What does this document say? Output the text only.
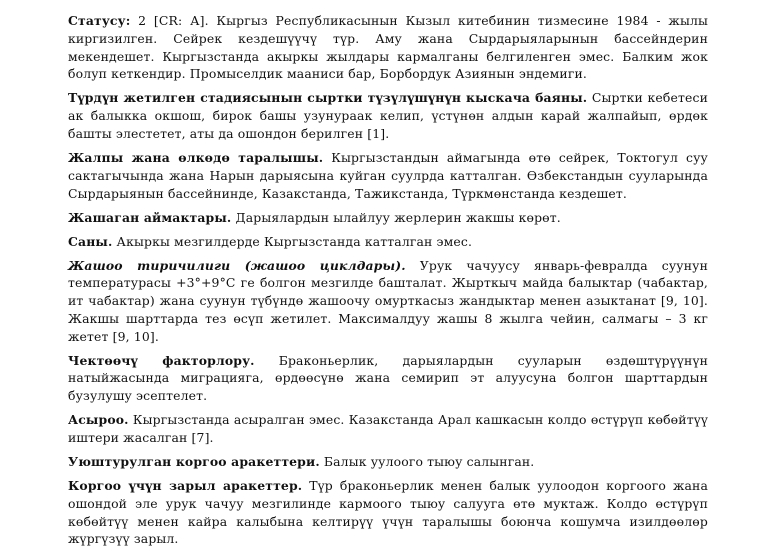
Статусу: 2 [CR: А]. Кыргыз Республикасынын Кызыл китебинин тизмесине 1984 - жылы киргизилген. Сейрек кездешүүчү түр. Аму жана Сырдарыяларынын бассейндерин мекендешет. Кыргызстанда акыркы жылдары кармалганы белгиленген эмес. Балким жок болуп кеткендир. Промыселдик мааниси бар, Борбордук Азиянын эндемиги.

Түрдүн жетилген стадиясынын сыртки түзүлүшүнүн кыскача баяны. Сыртки кебетеси ак балыкка окшош, бирок башы узунураак келип, үстүнөн алдын карай жалпайып, өрдөк башты элестетет, аты да ошондон берилген [1].

Жалпы жана өлкөдө таралышы. Кыргызстандын аймагында өтө сейрек, Токтогул суу сактагычында жана Нарын дарыясына куйган суулрда катталган. Өзбекстандын сууларында Сырдарыянын бассейнинде, Казакстанда, Тажикстанда, Түркмөнстанда кездешет.

Жашаган аймактары. Дарыялардын ылайлуу жерлерин жакшы көрөт.

Саны. Акыркы мезгилдерде Кыргызстанда катталган эмес.

Жашоо тиричилиги (жашоо циклдары). Урук чачуусу январь-февралда суунун температурасы +3°+9°С ге болгон мезгилде башталат. Жырткыч майда балыктар (чабактар, ит чабактар) жана суунун түбүндө жашоочу омурткасыз жандыктар менен азыктанат [9, 10]. Жакшы шарттарда тез өсүп жетилет. Максималдуу жашы 8 жылга чейин, салмагы – 3 кг жетет [9, 10].

Чектөөчү факторлору. Браконьерлик, дарыялардын сууларын өздөштүрүүнүн натыйжасында миграцияга, өрдөөсүнө жана семирип эт алуусуна болгон шарттардын бузулушу эсептелет.

Асыроо. Кыргызстанда асыралган эмес. Казакстанда Арал кашкасын колдо өстүрүп көбөйтүү иштери жасалган [7].

Уюштурулган коргоо аракеттери. Балык уулоого тыюу салынган.

Коргоо үчүн зарыл аракеттер. Түр браконьерлик менен балык уулоодон коргоого жана ошондой эле урук чачуу мезгилинде кармоого тыюу салууга өтө муктаж. Колдо өстүрүп көбөйтүү менен кайра калыбына келтирүү үчүн таралышы боюнча кошумча изилдөөлөр жүргүзүү зарыл.
